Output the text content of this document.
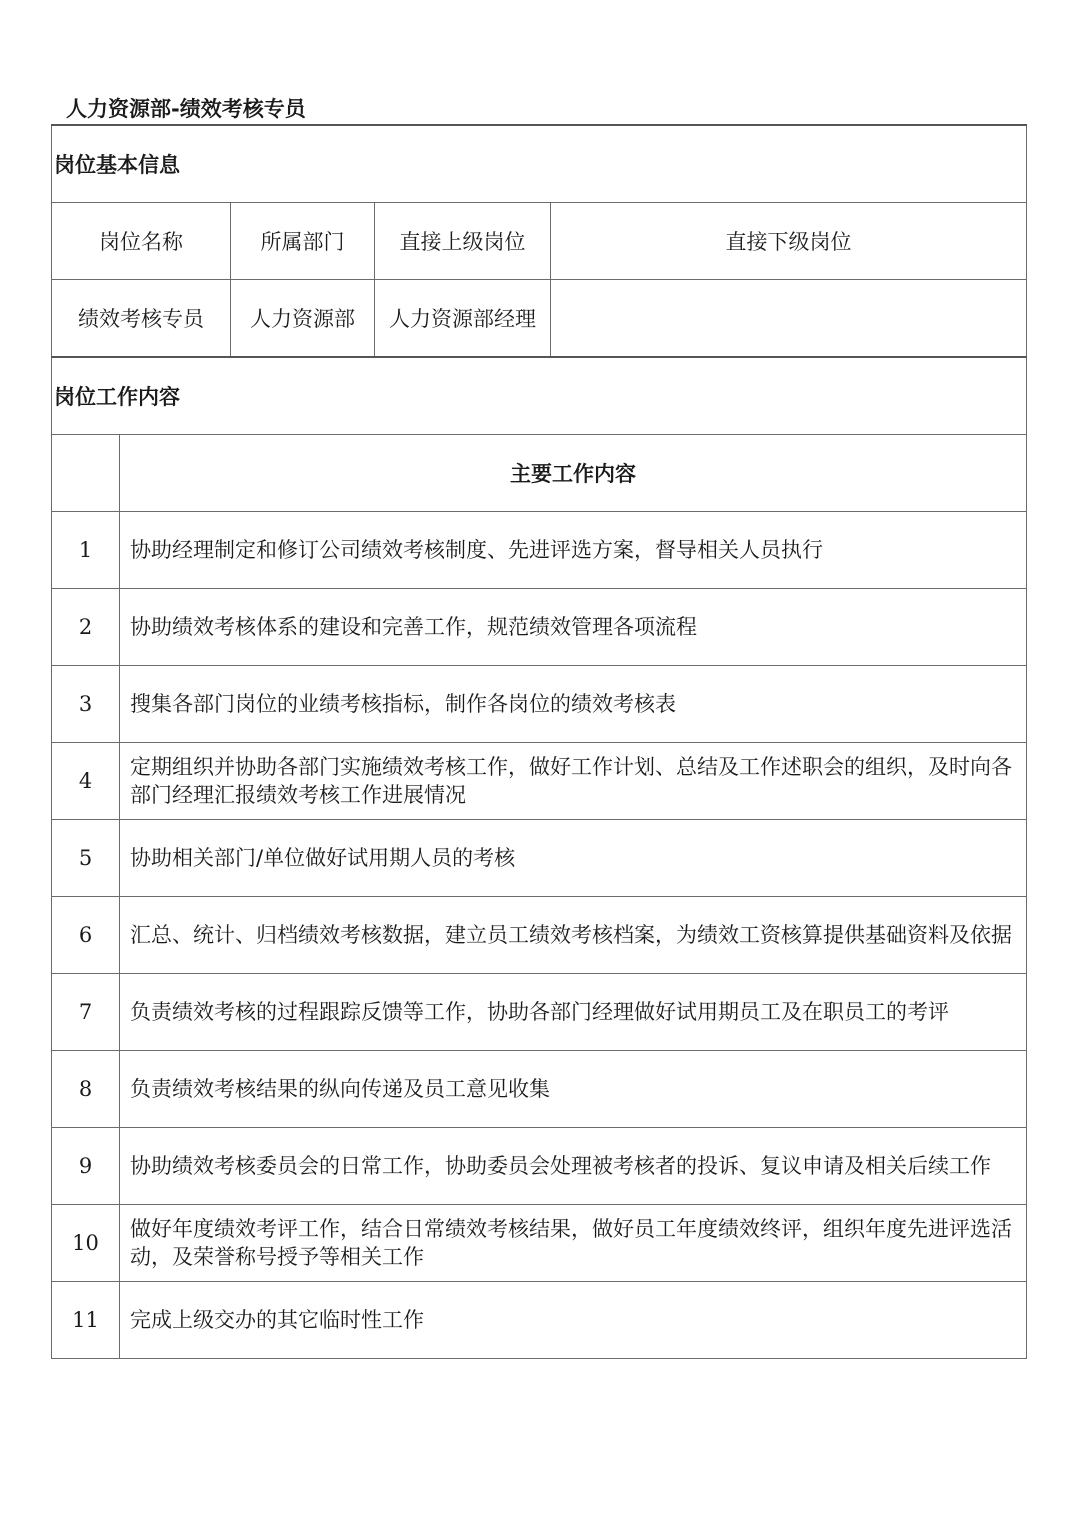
人力资源部-绩效考核专员
岗位基本信息				
岗位名称		所属部门	直接上级岗位	直接下级岗位
绩效考核专员		人力资源部	人力资源部经理	
岗位工作内容				
	主要工作内容			
1	协助经理制定和修订公司绩效考核制度、先进评选方案，督导相关人员执行			
2	协助绩效考核体系的建设和完善工作，规范绩效管理各项流程			
3	搜集各部门岗位的业绩考核指标，制作各岗位的绩效考核表			
4	定期组织并协助各部门实施绩效考核工作，做好工作计划、总结及工作述职会的组织，及时向各部门经理汇报绩效考核工作进展情况			
5	协助相关部门/单位做好试用期人员的考核			
6	汇总、统计、归档绩效考核数据，建立员工绩效考核档案，为绩效工资核算提供基础资料及依据			
7	负责绩效考核的过程跟踪反馈等工作，协助各部门经理做好试用期员工及在职员工的考评			
8	负责绩效考核结果的纵向传递及员工意见收集			
9	协助绩效考核委员会的日常工作，协助委员会处理被考核者的投诉、复议申请及相关后续工作			
10	做好年度绩效考评工作，结合日常绩效考核结果，做好员工年度绩效终评，组织年度先进评选活动，及荣誉称号授予等相关工作			
11	完成上级交办的其它临时性工作			
